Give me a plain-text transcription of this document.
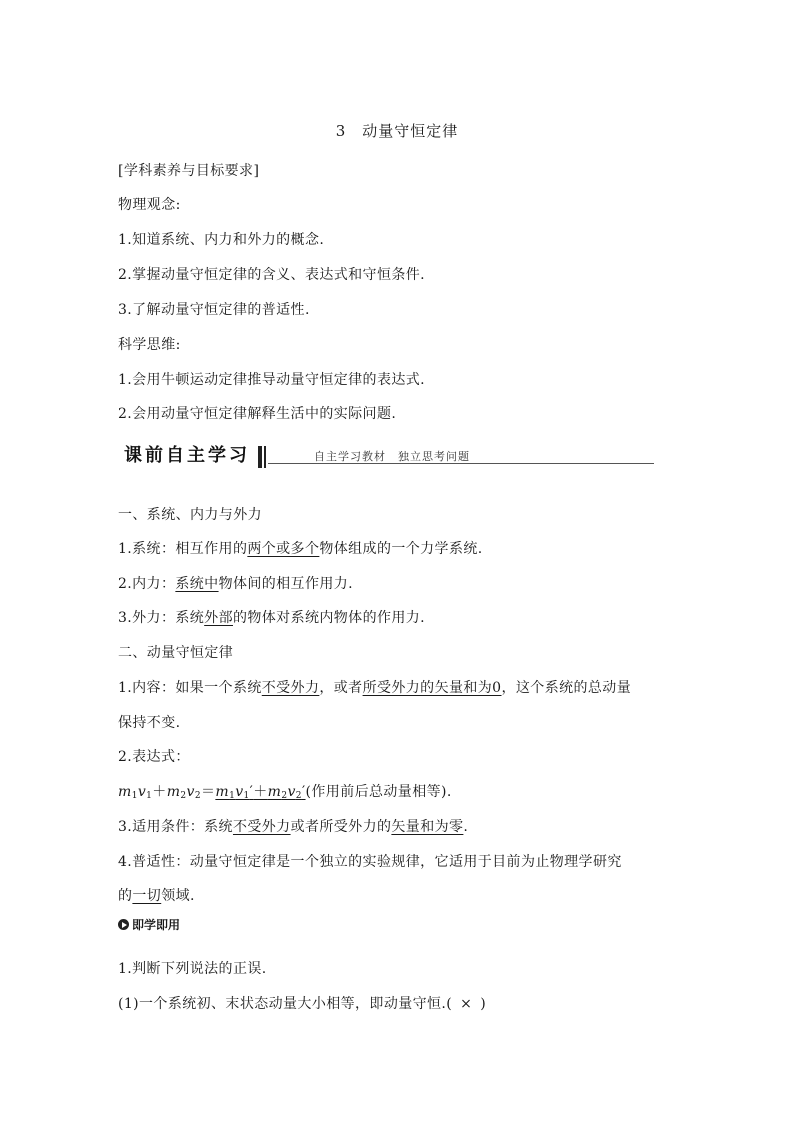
3　动量守恒定律
[学科素养与目标要求]
物理观念:
1.知道系统、内力和外力的概念.
2.掌握动量守恒定律的含义、表达式和守恒条件.
3.了解动量守恒定律的普适性.
科学思维:
1.会用牛顿运动定律推导动量守恒定律的表达式.
2.会用动量守恒定律解释生活中的实际问题.
课前自主学习	自主学习教材 独立思考问题
一、系统、内力与外力
1.系统：相互作用的两个或多个物体组成的一个力学系统.
2.内力：系统中物体间的相互作用力.
3.外力：系统外部的物体对系统内物体的作用力.
二、动量守恒定律
1.内容：如果一个系统不受外力，或者所受外力的矢量和为0，这个系统的总动量
保持不变.
2.表达式：
$m_1v_1+m_2v_2=m_1v_1'+m_2v_2'$(作用前后总动量相等).
3.适用条件：系统不受外力或者所受外力的矢量和为零.
4.普适性：动量守恒定律是一个独立的实验规律，它适用于目前为止物理学研究
的一切领域.
即学即用
1.判断下列说法的正误.
(1)一个系统初、末状态动量大小相等，即动量守恒.( × )
